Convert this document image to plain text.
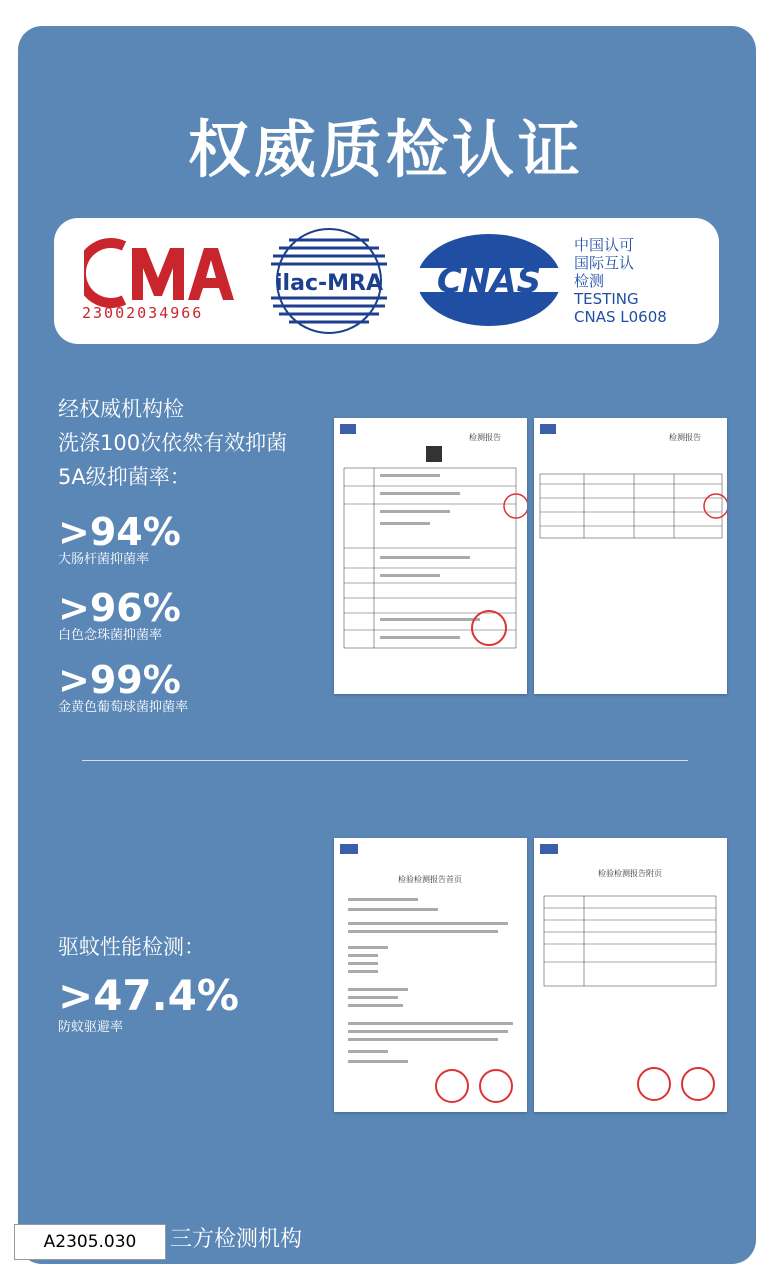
权威质检认证
23002034966
ilac-MRA CNAS
中国认可
国际互认
检测
TESTING
CNAS L0608
经权威机构检
洗涤100次依然有效抑菌
5A级抑菌率：
>94%
大肠杆菌抑菌率
>96%
白色念珠菌抑菌率
>99%
金黄色葡萄球菌抑菌率
检测报告	检测报告
驱蚊性能检测：
>47.4%
防蚊驱避率
检验检测报告首页
检验检测报告附页
三方检测机构
A2305.030
